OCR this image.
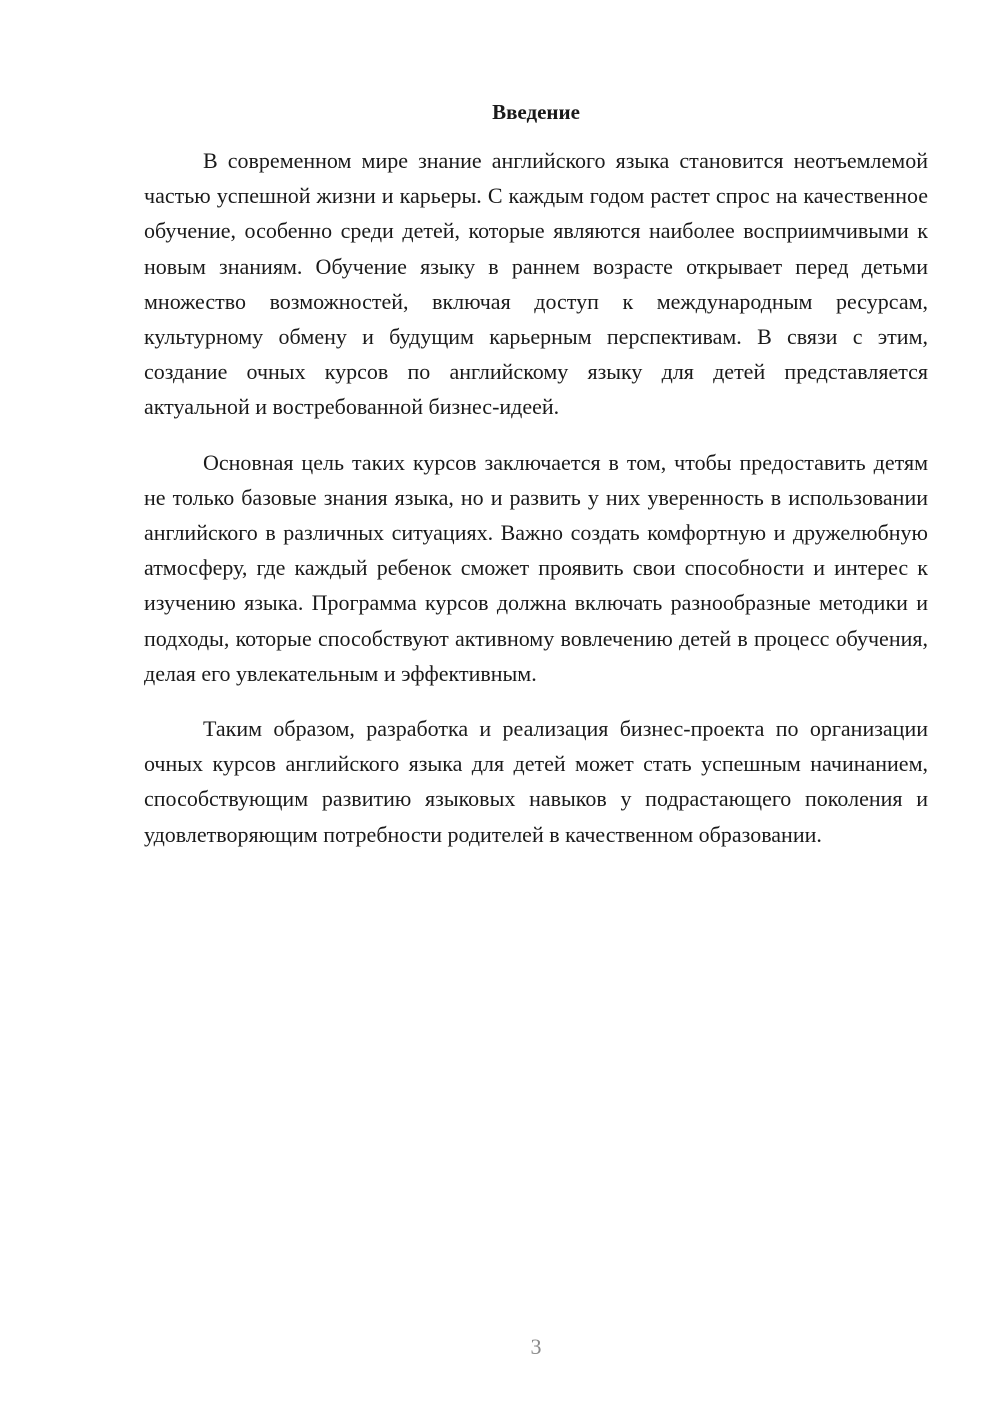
Введение

В современном мире знание английского языка становится неотъемлемой частью успешной жизни и карьеры. С каждым годом растет спрос на качественное обучение, особенно среди детей, которые являются наиболее восприимчивыми к новым знаниям. Обучение языку в раннем возрасте открывает перед детьми множество возможностей, включая доступ к международным ресурсам, культурному обмену и будущим карьерным перспективам. В связи с этим, создание очных курсов по английскому языку для детей представляется актуальной и востребованной бизнес-идеей.

Основная цель таких курсов заключается в том, чтобы предоставить детям не только базовые знания языка, но и развить у них уверенность в использовании английского в различных ситуациях. Важно создать комфортную и дружелюбную атмосферу, где каждый ребенок сможет проявить свои способности и интерес к изучению языка. Программа курсов должна включать разнообразные методики и подходы, которые способствуют активному вовлечению детей в процесс обучения, делая его увлекательным и эффективным.

Таким образом, разработка и реализация бизнес-проекта по организации очных курсов английского языка для детей может стать успешным начинанием, способствующим развитию языковых навыков у подрастающего поколения и удовлетворяющим потребности родителей в качественном образовании.

3
